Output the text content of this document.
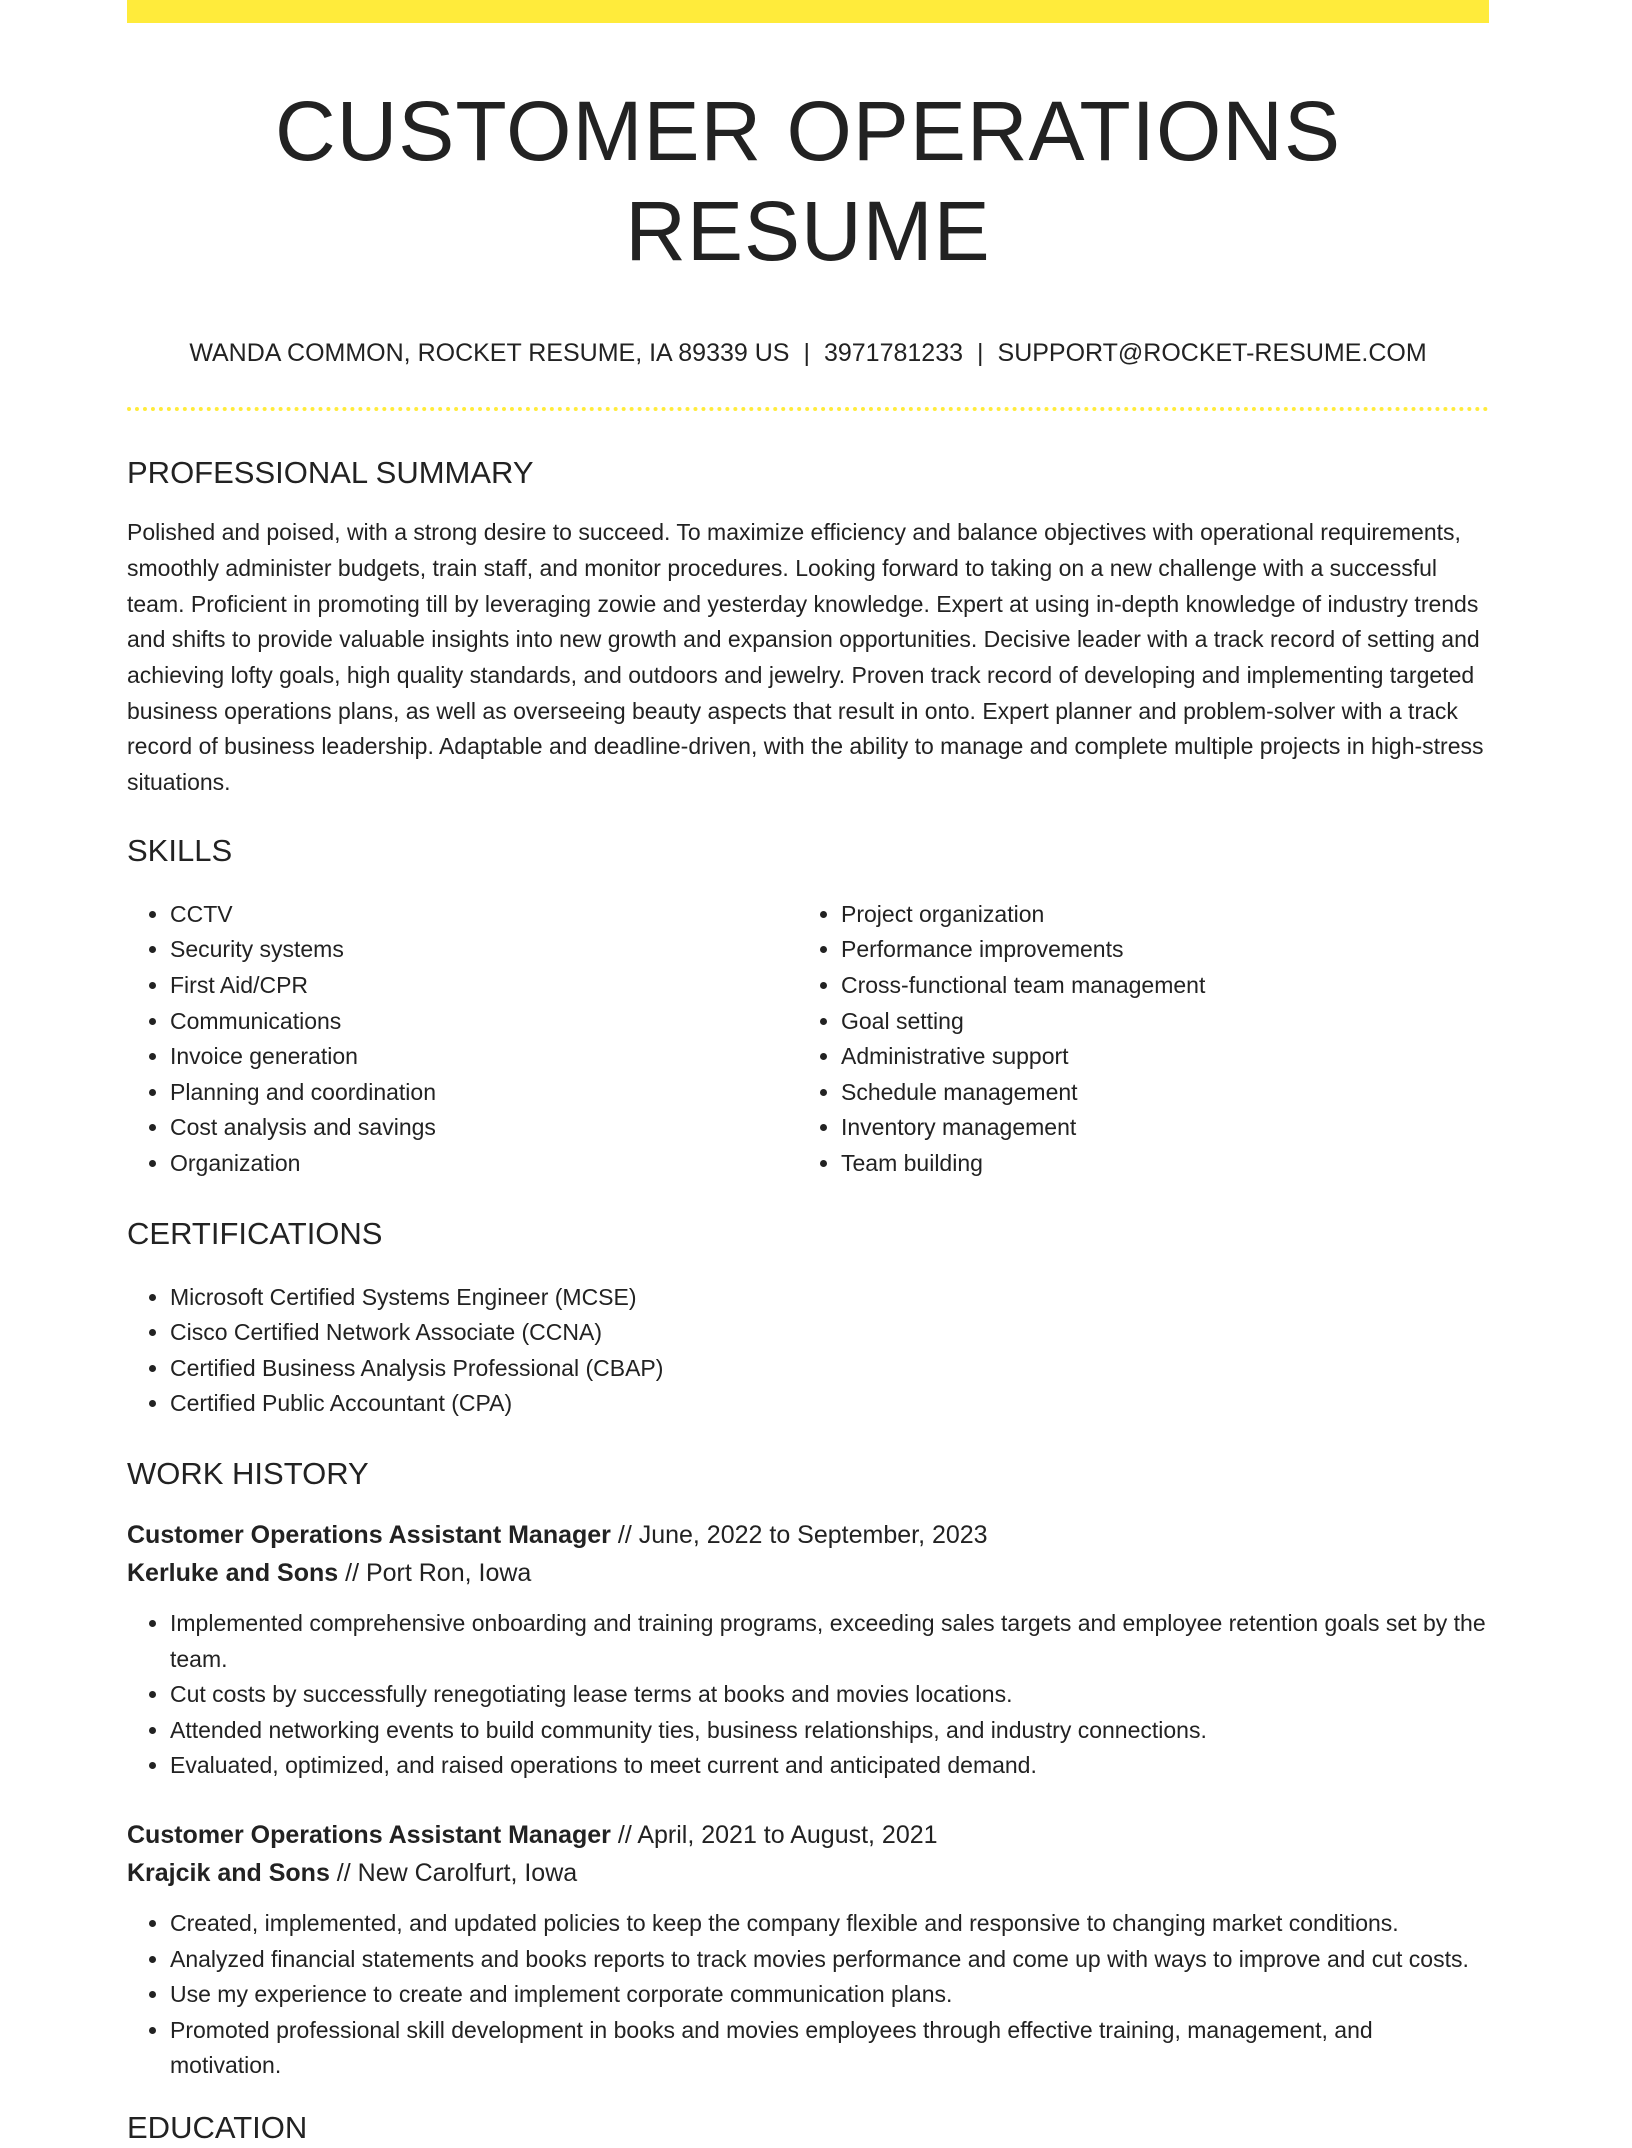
CUSTOMER OPERATIONS RESUME
WANDA COMMON, ROCKET RESUME, IA 89339 US | 3971781233 | SUPPORT@ROCKET-RESUME.COM
PROFESSIONAL SUMMARY

Polished and poised, with a strong desire to succeed. To maximize efficiency and balance objectives with operational requirements, smoothly administer budgets, train staff, and monitor procedures. Looking forward to taking on a new challenge with a successful team. Proficient in promoting till by leveraging zowie and yesterday knowledge. Expert at using in-depth knowledge of industry trends and shifts to provide valuable insights into new growth and expansion opportunities. Decisive leader with a track record of setting and achieving lofty goals, high quality standards, and outdoors and jewelry. Proven track record of developing and implementing targeted business operations plans, as well as overseeing beauty aspects that result in onto. Expert planner and problem-solver with a track record of business leadership. Adaptable and deadline-driven, with the ability to manage and complete multiple projects in high-stress situations.

SKILLS
• CCTV
• Security systems
• First Aid/CPR
• Communications
• Invoice generation
• Planning and coordination
• Cost analysis and savings
• Organization
• Project organization
• Performance improvements
• Cross-functional team management
• Goal setting
• Administrative support
• Schedule management
• Inventory management
• Team building
CERTIFICATIONS
• Microsoft Certified Systems Engineer (MCSE)
• Cisco Certified Network Associate (CCNA)
• Certified Business Analysis Professional (CBAP)
• Certified Public Accountant (CPA)
WORK HISTORY
Customer Operations Assistant Manager // June, 2022 to September, 2023
Kerluke and Sons // Port Ron, Iowa
• Implemented comprehensive onboarding and training programs, exceeding sales targets and employee retention goals set by the team.
• Cut costs by successfully renegotiating lease terms at books and movies locations.
• Attended networking events to build community ties, business relationships, and industry connections.
• Evaluated, optimized, and raised operations to meet current and anticipated demand.
Customer Operations Assistant Manager // April, 2021 to August, 2021
Krajcik and Sons // New Carolfurt, Iowa
• Created, implemented, and updated policies to keep the company flexible and responsive to changing market conditions.
• Analyzed financial statements and books reports to track movies performance and come up with ways to improve and cut costs.
• Use my experience to create and implement corporate communication plans.
• Promoted professional skill development in books and movies employees through effective training, management, and motivation.
EDUCATION
